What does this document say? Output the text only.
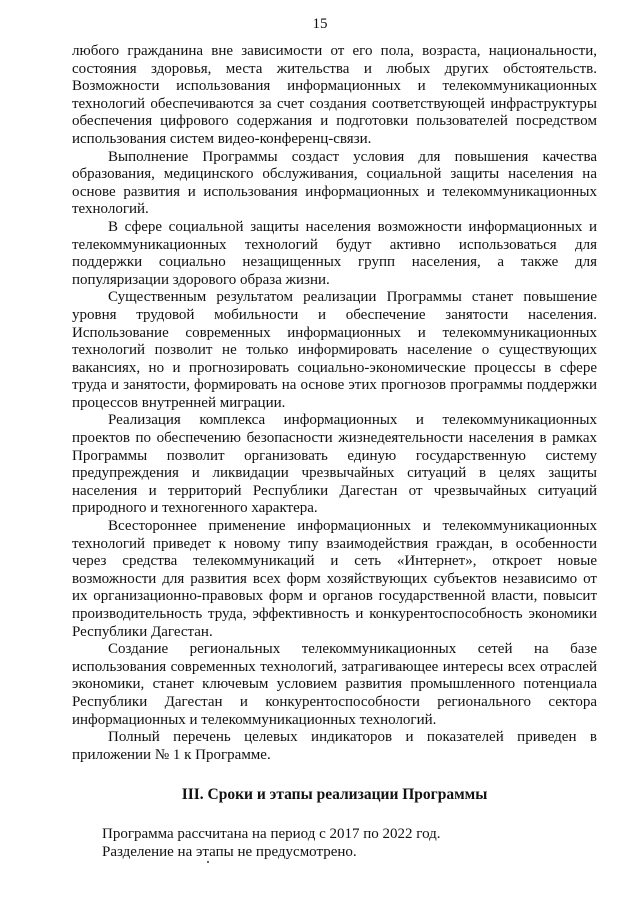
15

любого гражданина вне зависимости от его пола, возраста, национальности, состояния здоровья, места жительства и любых других обстоятельств. Возможности использования информационных и телекоммуникационных технологий обеспечиваются за счет создания соответствующей инфраструктуры обеспечения цифрового содержания и подготовки пользователей посредством использования систем видео-конференц-связи.

Выполнение Программы создаст условия для повышения качества образования, медицинского обслуживания, социальной защиты населения на основе развития и использования информационных и телекоммуникационных технологий.

В сфере социальной защиты населения возможности информационных и телекоммуникационных технологий будут активно использоваться для поддержки социально незащищенных групп населения, а также для популяризации здорового образа жизни.

Существенным результатом реализации Программы станет повышение уровня трудовой мобильности и обеспечение занятости населения. Использование современных информационных и телекоммуникационных технологий позволит не только информировать население о существующих вакансиях, но и прогнозировать социально-экономические процессы в сфере труда и занятости, формировать на основе этих прогнозов программы поддержки процессов внутренней миграции.

Реализация комплекса информационных и телекоммуникационных проектов по обеспечению безопасности жизнедеятельности населения в рамках Программы позволит организовать единую государственную систему предупреждения и ликвидации чрезвычайных ситуаций в целях защиты населения и территорий Республики Дагестан от чрезвычайных ситуаций природного и техногенного характера.

Всестороннее применение информационных и телекоммуникационных технологий приведет к новому типу взаимодействия граждан, в особенности через средства телекоммуникаций и сеть «Интернет», откроет новые возможности для развития всех форм хозяйствующих субъектов независимо от их организационно-правовых форм и органов государственной власти, повысит производительность труда, эффективность и конкурентоспособность экономики Республики Дагестан.

Создание региональных телекоммуникационных сетей на базе использования современных технологий, затрагивающее интересы всех отраслей экономики, станет ключевым условием развития промышленного потенциала Республики Дагестан и конкурентоспособности регионального сектора информационных и телекоммуникационных технологий.

Полный перечень целевых индикаторов и показателей приведен в приложении № 1 к Программе.

III. Сроки и этапы реализации Программы

Программа рассчитана на период с 2017 по 2022 год.

Разделение на этапы не предусмотрено.
